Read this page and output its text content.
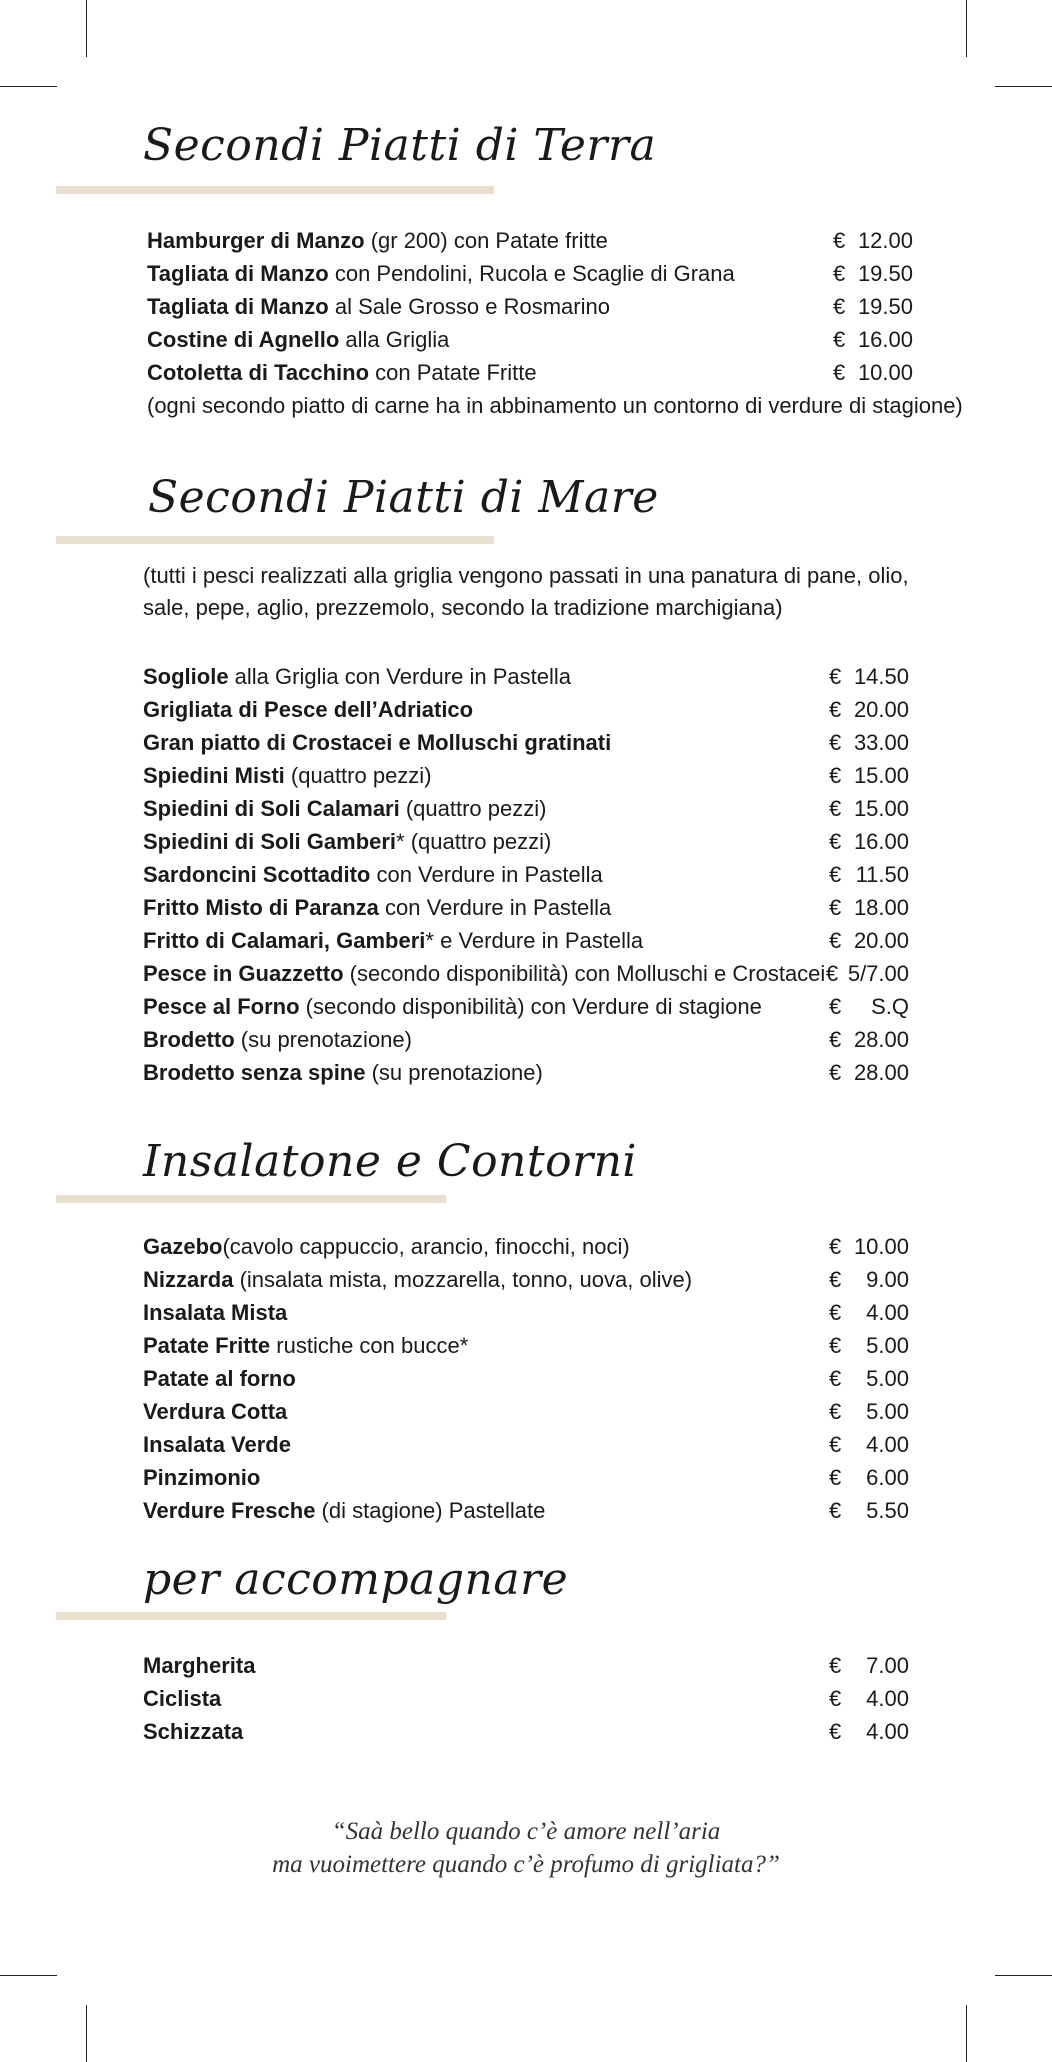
Secondi Piatti di Terra
Hamburger di Manzo (gr 200) con Patate fritte	€ 12.00
Tagliata di Manzo con Pendolini, Rucola e Scaglie di Grana	€ 19.50
Tagliata di Manzo al Sale Grosso e Rosmarino	€ 19.50
Costine di Agnello alla Griglia	€ 16.00
Cotoletta di Tacchino con Patate Fritte	€ 10.00
(ogni secondo piatto di carne ha in abbinamento un contorno di verdure di stagione)
Secondi Piatti di Mare
(tutti i pesci realizzati alla griglia vengono passati in una panatura di pane, olio, sale, pepe, aglio, prezzemolo, secondo la tradizione marchigiana)
Sogliole alla Griglia con Verdure in Pastella	€ 14.50
Grigliata di Pesce dell’Adriatico	€ 20.00
Gran piatto di Crostacei e Molluschi gratinati	€ 33.00
Spiedini Misti (quattro pezzi)	€ 15.00
Spiedini di Soli Calamari (quattro pezzi)	€ 15.00
Spiedini di Soli Gamberi* (quattro pezzi)	€ 16.00
Sardoncini Scottadito con Verdure in Pastella	€ 11.50
Fritto Misto di Paranza con Verdure in Pastella	€ 18.00
Fritto di Calamari, Gamberi* e Verdure in Pastella	€ 20.00
Pesce in Guazzetto (secondo disponibilità) con Molluschi e Crostacei € 5/7.00
Pesce al Forno (secondo disponibilità) con Verdure di stagione	€ S.Q
Brodetto (su prenotazione)	€ 28.00
Brodetto senza spine (su prenotazione)	€ 28.00
Insalatone e Contorni
Gazebo(cavolo cappuccio, arancio, finocchi, noci)	€ 10.00
Nizzarda (insalata mista, mozzarella, tonno, uova, olive)	€ 9.00
Insalata Mista	€ 4.00
Patate Fritte rustiche con bucce*	€ 5.00
Patate al forno	€ 5.00
Verdura Cotta	€ 5.00
Insalata Verde	€ 4.00
Pinzimonio	€ 6.00
Verdure Fresche (di stagione) Pastellate	€ 5.50
per accompagnare
Margherita	€ 7.00
Ciclista	€ 4.00
Schizzata	€ 4.00
“Saà bello quando c’è amore nell’aria
ma vuoimettere quando c’è profumo di grigliata?”
